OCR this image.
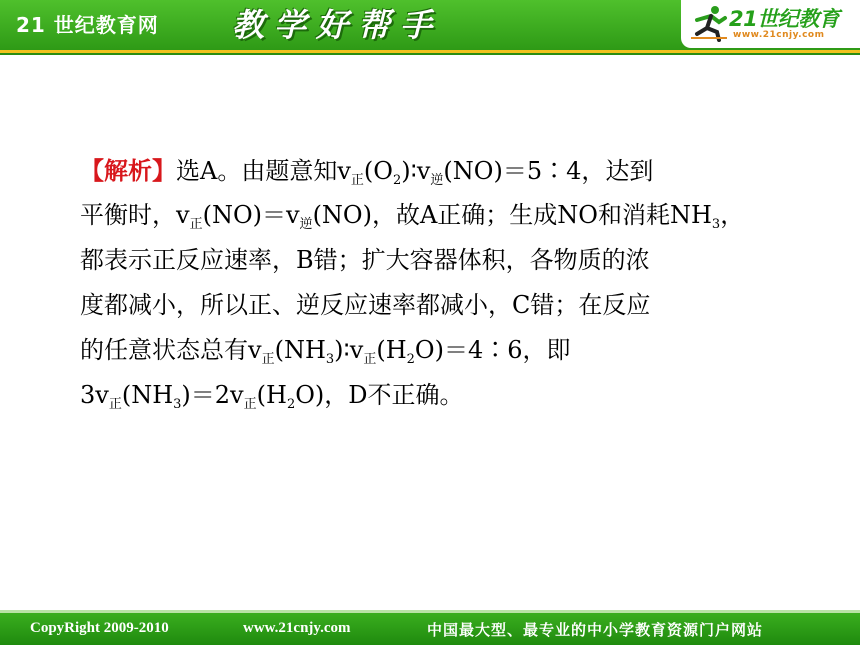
21 世纪教育网 教学好帮手	21世纪教育
www.21cnjy.com
【解析】选A。由题意知$v_正(O_2)∶v_逆(NO)=5∶4$，达到
平衡时，$v_正(NO)=v_逆(NO)$，故A正确；生成NO和消耗$NH_3$，
都表示正反应速率，B错；扩大容器体积，各物质的浓
度都减小，所以正、逆反应速率都减小，C错；在反应
的任意状态总有$v_正(NH_3)∶v_正(H_2O)=4∶6$，即
$3v_正(NH_3)=2v_正(H_2O)$，D不正确。
CopyRight 2009-2010	www.21cnjy.com	中国最大型、最专业的中小学教育资源门户网站
